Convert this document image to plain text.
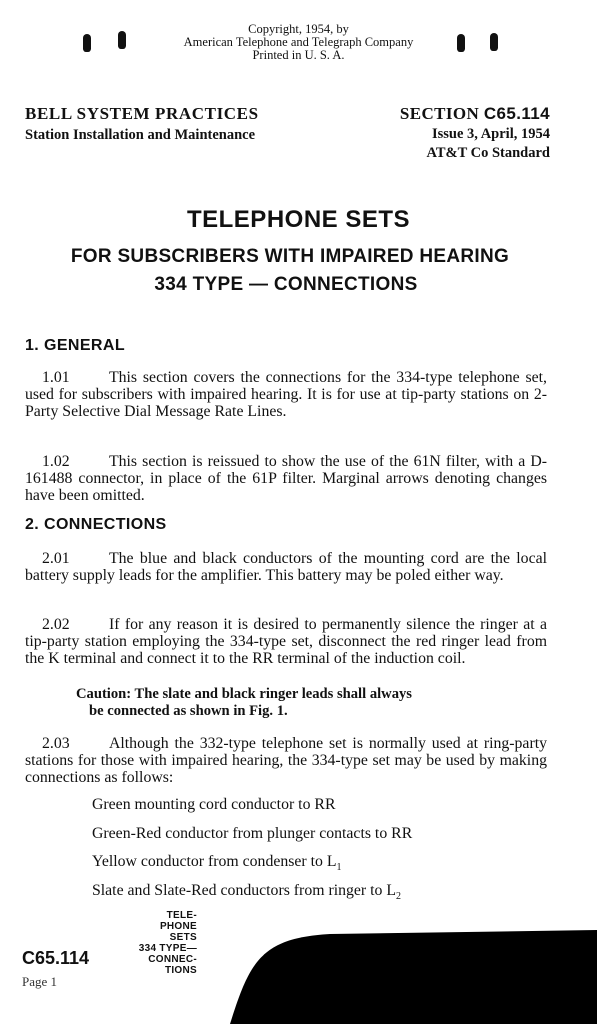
Copyright, 1954, by
American Telephone and Telegraph Company
Printed in U. S. A.
BELL SYSTEM PRACTICES
Station Installation and Maintenance
SECTION C65.114
Issue 3, April, 1954
AT&T Co Standard
TELEPHONE SETS
FOR SUBSCRIBERS WITH IMPAIRED HEARING
334 TYPE — CONNECTIONS
1. GENERAL

1.01 This section covers the connections for the 334-type telephone set, used for subscribers with impaired hearing. It is for use at tip-party stations on 2-Party Selective Dial Message Rate Lines.

1.02 This section is reissued to show the use of the 61N filter, with a D-161488 connector, in place of the 61P filter. Marginal arrows denoting changes have been omitted.

2. CONNECTIONS

2.01 The blue and black conductors of the mounting cord are the local battery supply leads for the amplifier. This battery may be poled either way.

2.02 If for any reason it is desired to permanently silence the ringer at a tip-party station employing the 334-type set, disconnect the red ringer lead from the K terminal and connect it to the RR terminal of the induction coil.

Caution: The slate and black ringer leads shall always
be connected as shown in Fig. 1.

2.03 Although the 332-type telephone set is normally used at ring-party stations for those with impaired hearing, the 334-type set may be used by making connections as follows:

Green mounting cord conductor to RR
Green-Red conductor from plunger contacts to RR
Yellow conductor from condenser to $L_1$
Slate and Slate-Red conductors from ringer to $L_2$
C65.114
Page 1
TELE-
PHONE
SETS
334 TYPE—
CONNEC-
TIONS
